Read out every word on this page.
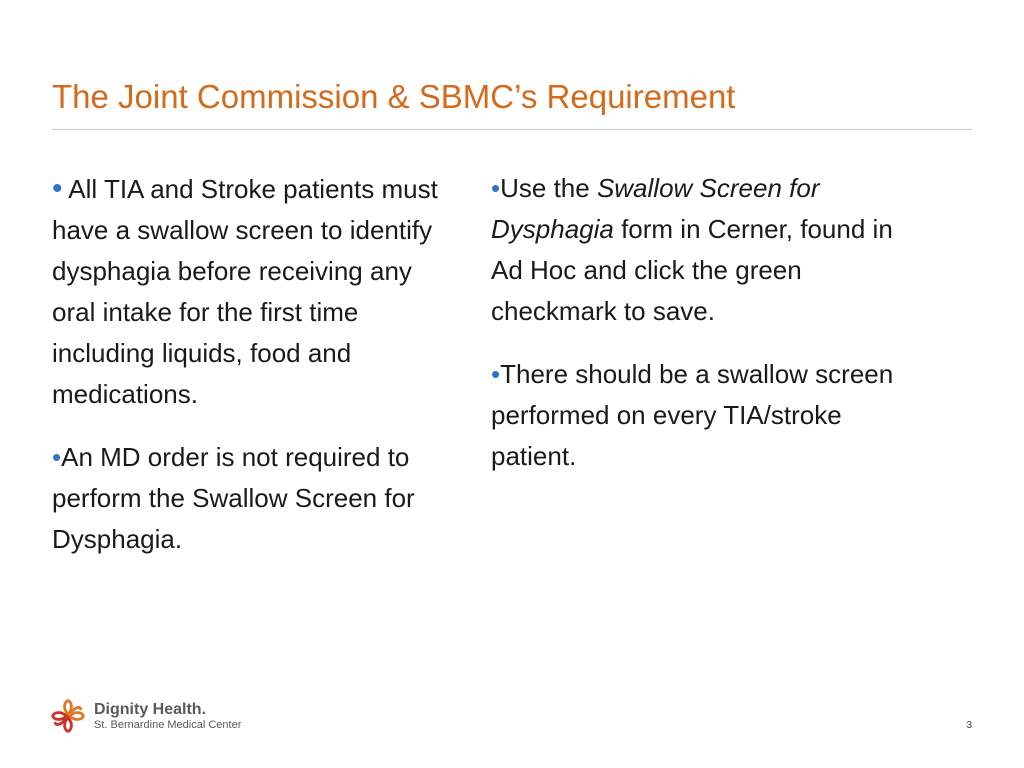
The Joint Commission & SBMC’s Requirement

• All TIA and Stroke patients must have a swallow screen to identify dysphagia before receiving any oral intake for the first time including liquids, food and medications.

•An MD order is not required to perform the Swallow Screen for Dysphagia.

•Use the Swallow Screen for Dysphagia form in Cerner, found in Ad Hoc and click the green checkmark to save.

•There should be a swallow screen performed on every TIA/stroke patient.

Dignity Health.
St. Bernardine Medical Center	3
